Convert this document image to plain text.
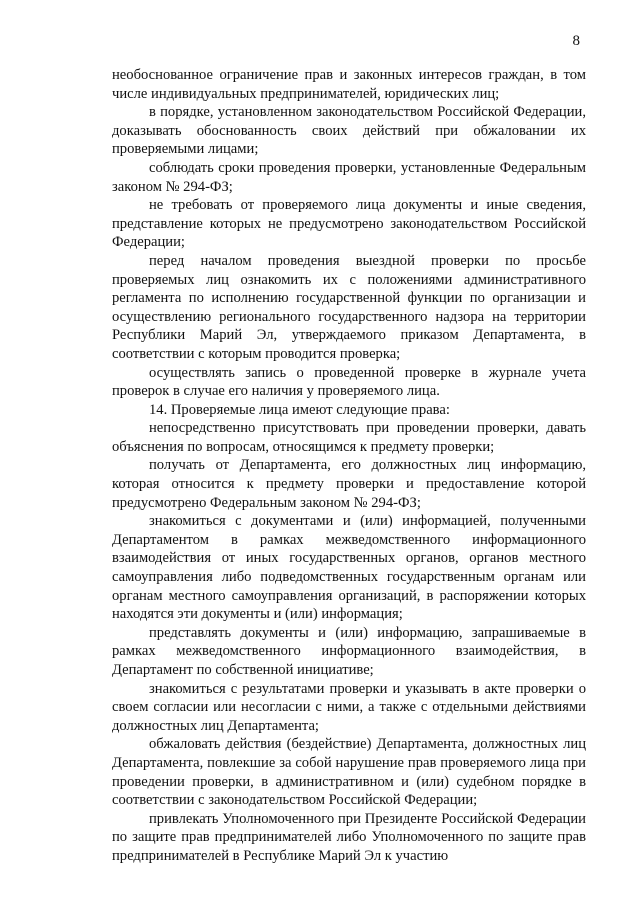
8

необоснованное ограничение прав и законных интересов граждан, в том числе индивидуальных предпринимателей, юридических лиц;

в порядке, установленном законодательством Российской Федерации, доказывать обоснованность своих действий при обжаловании их проверяемыми лицами;

соблюдать сроки проведения проверки, установленные Федеральным законом № 294-ФЗ;

не требовать от проверяемого лица документы и иные сведения, представление которых не предусмотрено законодательством Российской Федерации;

перед началом проведения выездной проверки по просьбе проверяемых лиц ознакомить их с положениями административного регламента по исполнению государственной функции по организации и осуществлению регионального государственного надзора на территории Республики Марий Эл, утверждаемого приказом Департамента, в соответствии с которым проводится проверка;

осуществлять запись о проведенной проверке в журнале учета проверок в случае его наличия у проверяемого лица.

14. Проверяемые лица имеют следующие права:

непосредственно присутствовать при проведении проверки, давать объяснения по вопросам, относящимся к предмету проверки;

получать от Департамента, его должностных лиц информацию, которая относится к предмету проверки и предоставление которой предусмотрено Федеральным законом № 294-ФЗ;

знакомиться с документами и (или) информацией, полученными Департаментом в рамках межведомственного информационного взаимодействия от иных государственных органов, органов местного самоуправления либо подведомственных государственным органам или органам местного самоуправления организаций, в распоряжении которых находятся эти документы и (или) информация;

представлять документы и (или) информацию, запрашиваемые в рамках межведомственного информационного взаимодействия, в Департамент по собственной инициативе;

знакомиться с результатами проверки и указывать в акте проверки о своем согласии или несогласии с ними, а также с отдельными действиями должностных лиц Департамента;

обжаловать действия (бездействие) Департамента, должностных лиц Департамента, повлекшие за собой нарушение прав проверяемого лица при проведении проверки, в административном и (или) судебном порядке в соответствии с законодательством Российской Федерации;

привлекать Уполномоченного при Президенте Российской Федерации по защите прав предпринимателей либо Уполномоченного по защите прав предпринимателей в Республике Марий Эл к участию
